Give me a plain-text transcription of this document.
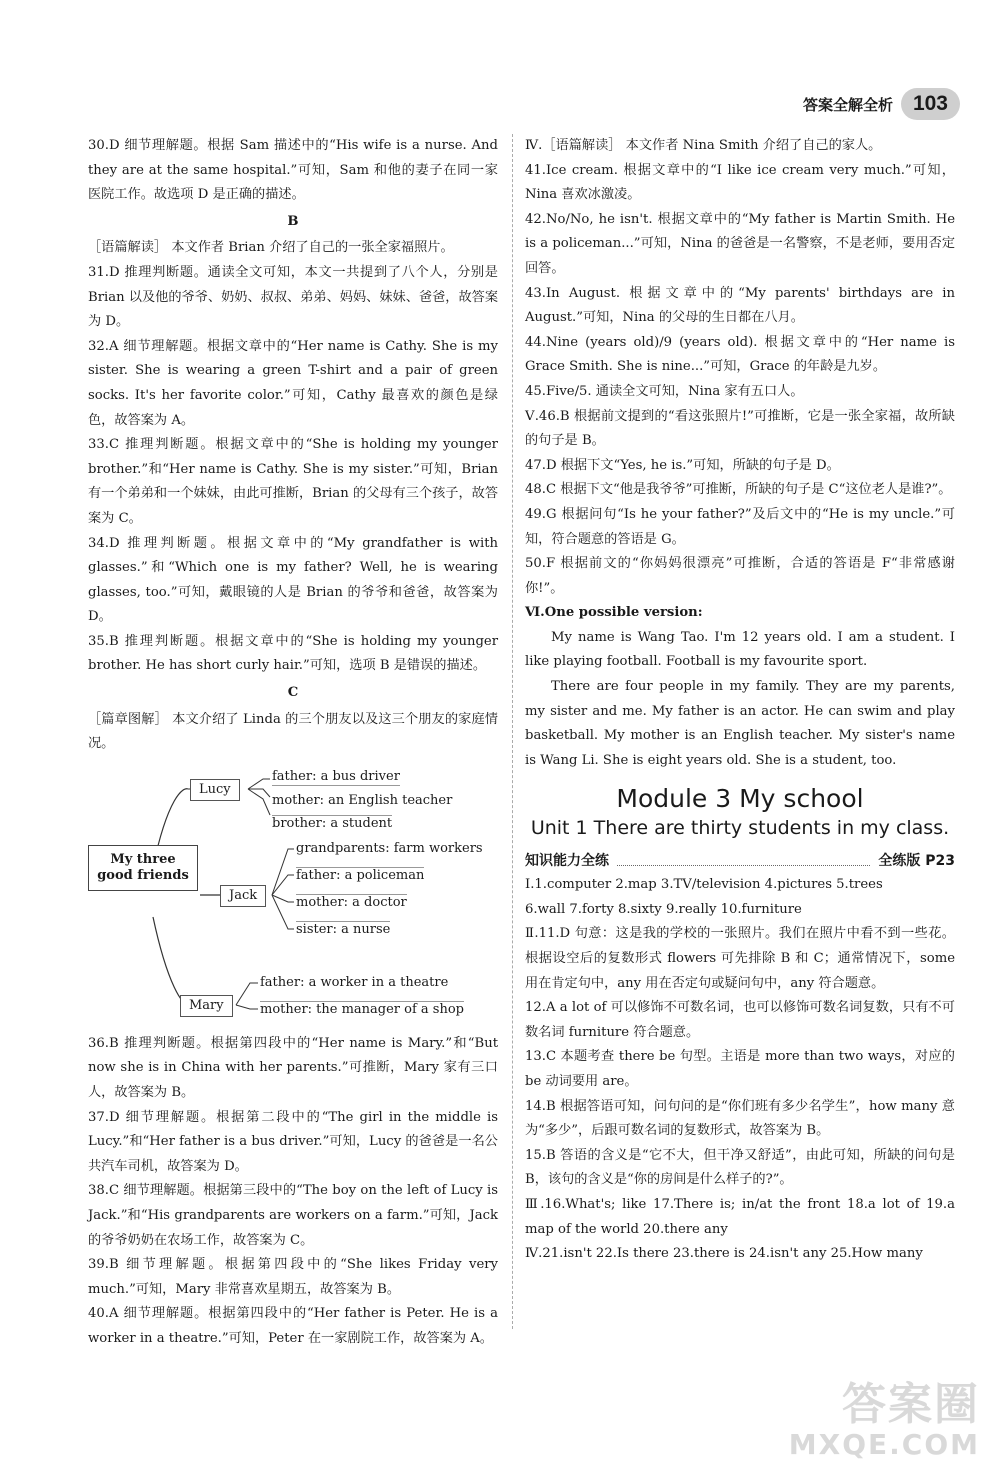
答案全解全析 103

30.D 细节理解题。根据 Sam 描述中的“His wife is a nurse. And they are at the same hospital.”可知，Sam 和他的妻子在同一家医院工作。故选项 D 是正确的描述。

B

［语篇解读］ 本文作者 Brian 介绍了自己的一张全家福照片。

31.D 推理判断题。通读全文可知，本文一共提到了八个人，分别是 Brian 以及他的爷爷、奶奶、叔叔、弟弟、妈妈、妹妹、爸爸，故答案为 D。

32.A 细节理解题。根据文章中的“Her name is Cathy. She is my sister. She is wearing a green T-shirt and a pair of green socks. It's her favorite color.”可知，Cathy 最喜欢的颜色是绿色，故答案为 A。

33.C 推理判断题。根据文章中的“She is holding my younger brother.”和“Her name is Cathy. She is my sister.”可知，Brian 有一个弟弟和一个妹妹，由此可推断，Brian 的父母有三个孩子，故答案为 C。

34.D 推理判断题。根据文章中的“My grandfather is with glasses.”和“Which one is my father? Well, he is wearing glasses, too.”可知，戴眼镜的人是 Brian 的爷爷和爸爸，故答案为 D。

35.B 推理判断题。根据文章中的“She is holding my younger brother. He has short curly hair.”可知，选项 B 是错误的描述。

C

［篇章图解］ 本文介绍了 Linda 的三个朋友以及这三个朋友的家庭情况。

My three good friends
Lucy
father: a bus driver
mother: an English teacher
brother: a student
Jack
grandparents: farm workers
father: a policeman
mother: a doctor
sister: a nurse
Mary
father: a worker in a theatre
mother: the manager of a shop

36.B 推理判断题。根据第四段中的“Her name is Mary.”和“But now she is in China with her parents.”可推断，Mary 家有三口人，故答案为 B。

37.D 细节理解题。根据第二段中的“The girl in the middle is Lucy.”和“Her father is a bus driver.”可知，Lucy 的爸爸是一名公共汽车司机，故答案为 D。

38.C 细节理解题。根据第三段中的“The boy on the left of Lucy is Jack.”和“His grandparents are workers on a farm.”可知，Jack 的爷爷奶奶在农场工作，故答案为 C。

39.B 细节理解题。根据第四段中的“She likes Friday very much.”可知，Mary 非常喜欢星期五，故答案为 B。

40.A 细节理解题。根据第四段中的“Her father is Peter. He is a worker in a theatre.”可知，Peter 在一家剧院工作，故答案为 A。

Ⅳ.［语篇解读］ 本文作者 Nina Smith 介绍了自己的家人。

41.Ice cream. 根据文章中的“I like ice cream very much.”可知，Nina 喜欢冰激凌。

42.No/No, he isn't. 根据文章中的“My father is Martin Smith. He is a policeman...”可知，Nina 的爸爸是一名警察，不是老师，要用否定回答。

43.In August. 根据文章中的“My parents' birthdays are in August.”可知，Nina 的父母的生日都在八月。

44.Nine (years old)/9 (years old). 根据文章中的“Her name is Grace Smith. She is nine...”可知，Grace 的年龄是九岁。

45.Five/5. 通读全文可知，Nina 家有五口人。

Ⅴ.46.B 根据前文提到的“看这张照片!”可推断，它是一张全家福，故所缺的句子是 B。

47.D 根据下文“Yes, he is.”可知，所缺的句子是 D。

48.C 根据下文“他是我爷爷”可推断，所缺的句子是 C“这位老人是谁?”。

49.G 根据问句“Is he your father?”及后文中的“He is my uncle.”可知，符合题意的答语是 G。

50.F 根据前文的“你妈妈很漂亮”可推断，合适的答语是 F“非常感谢你!”。

Ⅵ.One possible version:

My name is Wang Tao. I'm 12 years old. I am a student. I like playing football. Football is my favourite sport.

There are four people in my family. They are my parents, my sister and me. My father is an actor. He can swim and play basketball. My mother is an English teacher. My sister's name is Wang Li. She is eight years old. She is a student, too.

Module 3 My school
Unit 1 There are thirty students in my class.
知识能力全练	全练版 P23

Ⅰ.1.computer 2.map 3.TV/television 4.pictures 5.trees

6.wall 7.forty 8.sixty 9.really 10.furniture

Ⅱ.11.D 句意：这是我的学校的一张照片。我们在照片中看不到一些花。根据设空后的复数形式 flowers 可先排除 B 和 C；通常情况下，some 用在肯定句中，any 用在否定句或疑问句中，any 符合题意。

12.A a lot of 可以修饰不可数名词，也可以修饰可数名词复数，只有不可数名词 furniture 符合题意。

13.C 本题考查 there be 句型。主语是 more than two ways，对应的 be 动词要用 are。

14.B 根据答语可知，问句问的是“你们班有多少名学生”，how many 意为“多少”，后跟可数名词的复数形式，故答案为 B。

15.B 答语的含义是“它不大，但干净又舒适”，由此可知，所缺的问句是 B，该句的含义是“你的房间是什么样子的?”。

Ⅲ.16.What's; like 17.There is; in/at the front 18.a lot of 19.a map of the world 20.there any

Ⅳ.21.isn't 22.Is there 23.there is 24.isn't any 25.How many

答案圈
MXQE.COM
